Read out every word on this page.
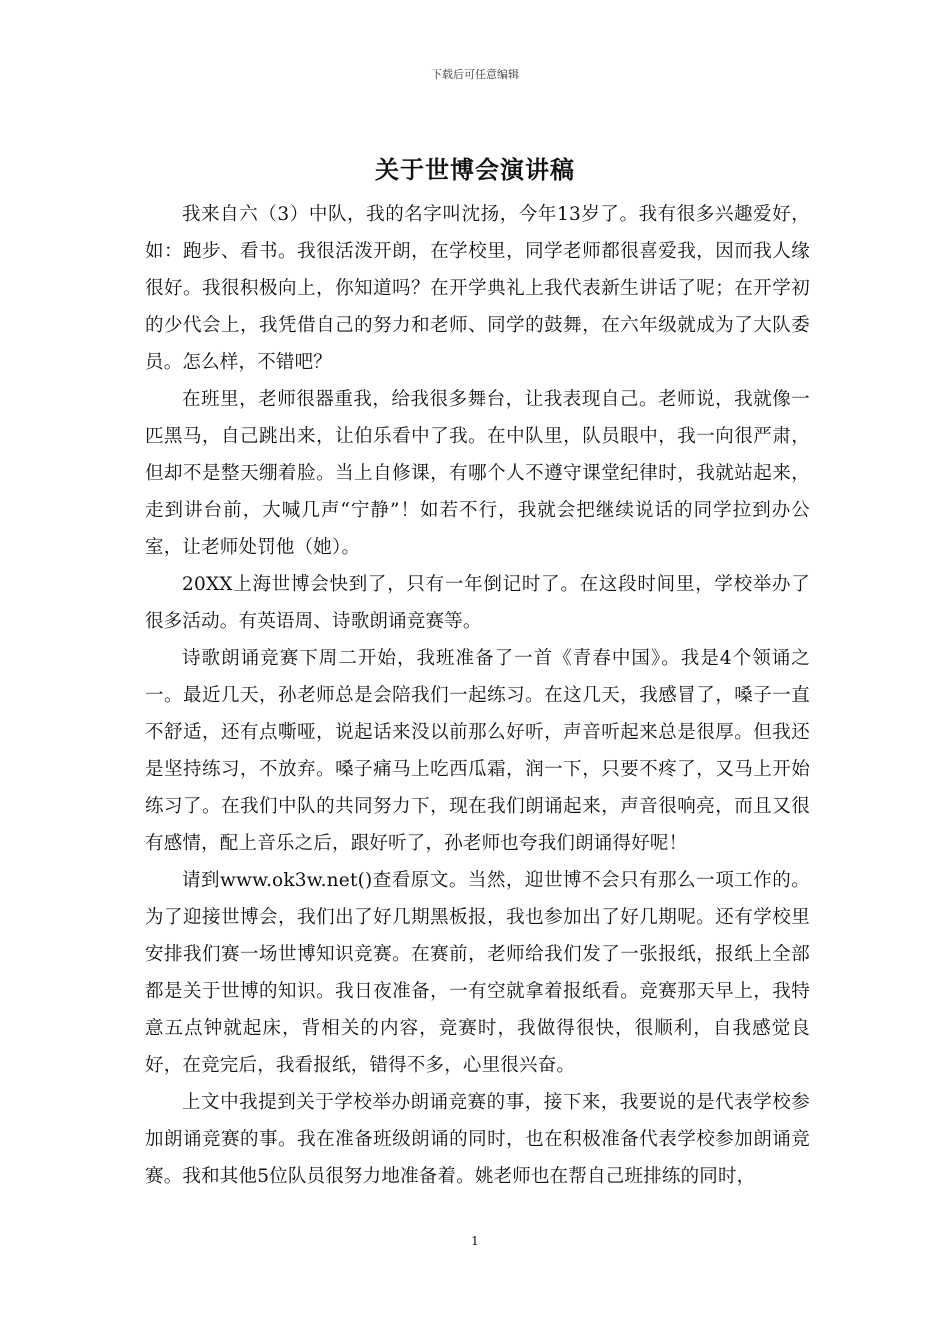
下载后可任意编辑
关于世博会演讲稿

我来自六（3）中队，我的名字叫沈扬，今年13岁了。我有很多兴趣爱好，如：跑步、看书。我很活泼开朗，在学校里，同学老师都很喜爱我，因而我人缘很好。我很积极向上，你知道吗？在开学典礼上我代表新生讲话了呢；在开学初的少代会上，我凭借自己的努力和老师、同学的鼓舞，在六年级就成为了大队委员。怎么样，不错吧？

在班里，老师很器重我，给我很多舞台，让我表现自己。老师说，我就像一匹黑马，自己跳出来，让伯乐看中了我。在中队里，队员眼中，我一向很严肃，但却不是整天绷着脸。当上自修课，有哪个人不遵守课堂纪律时，我就站起来，走到讲台前，大喊几声“宁静”！如若不行，我就会把继续说话的同学拉到办公室，让老师处罚他（她）。

20XX上海世博会快到了，只有一年倒记时了。在这段时间里，学校举办了很多活动。有英语周、诗歌朗诵竞赛等。

诗歌朗诵竞赛下周二开始，我班准备了一首《青春中国》。我是4个领诵之一。最近几天，孙老师总是会陪我们一起练习。在这几天，我感冒了，嗓子一直不舒适，还有点嘶哑，说起话来没以前那么好听，声音听起来总是很厚。但我还是坚持练习，不放弃。嗓子痛马上吃西瓜霜，润一下，只要不疼了，又马上开始练习了。在我们中队的共同努力下，现在我们朗诵起来，声音很响亮，而且又很有感情，配上音乐之后，跟好听了，孙老师也夸我们朗诵得好呢！

请到www.ok3w.net()查看原文。当然，迎世博不会只有那么一项工作的。为了迎接世博会，我们出了好几期黑板报，我也参加出了好几期呢。还有学校里安排我们赛一场世博知识竞赛。在赛前，老师给我们发了一张报纸，报纸上全部都是关于世博的知识。我日夜准备，一有空就拿着报纸看。竞赛那天早上，我特意五点钟就起床，背相关的内容，竞赛时，我做得很快，很顺利，自我感觉良好，在竞完后，我看报纸，错得不多，心里很兴奋。

上文中我提到关于学校举办朗诵竞赛的事，接下来，我要说的是代表学校参加朗诵竞赛的事。我在准备班级朗诵的同时，也在积极准备代表学校参加朗诵竞赛。我和其他5位队员很努力地准备着。姚老师也在帮自己班排练的同时，

1
